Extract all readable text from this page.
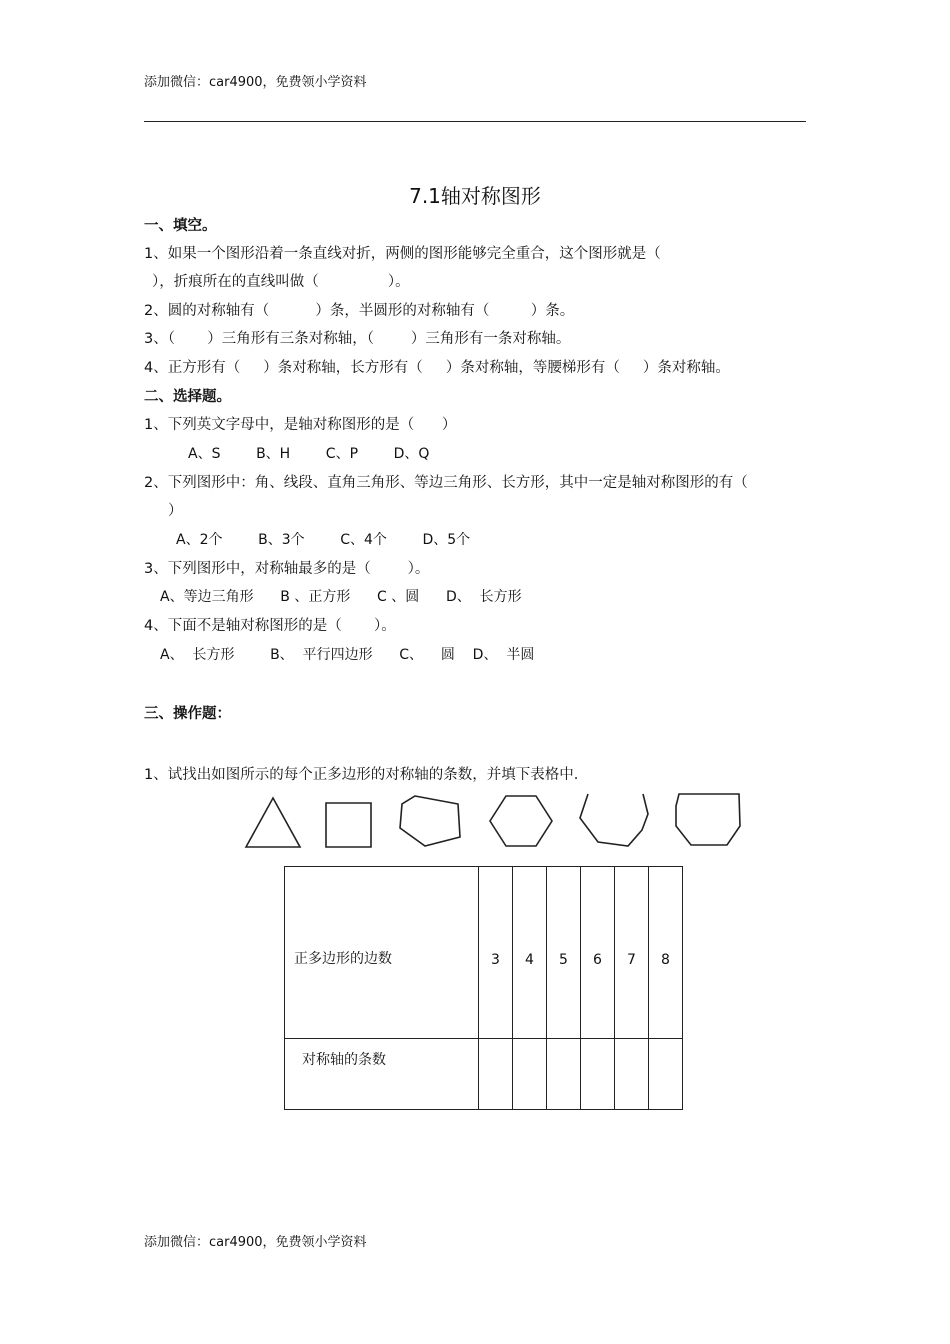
添加微信：car4900，免费领小学资料
7.1轴对称图形
一、填空。
1、如果一个图形沿着一条直线对折，两侧的图形能够完全重合，这个图形就是（
），折痕所在的直线叫做（               ）。
2、圆的对称轴有（          ）条，半圆形的对称轴有（         ）条。
3、（       ）三角形有三条对称轴，（        ）三角形有一条对称轴。
4、正方形有（     ）条对称轴，长方形有（     ）条对称轴，等腰梯形有（     ）条对称轴。
二、选择题。
1、下列英文字母中，是轴对称图形的是（      ）
A、S        B、H        C、P        D、Q
2、下列图形中：角、线段、直角三角形、等边三角形、长方形，其中一定是轴对称图形的有（
）
A、2个        B、3个        C、4个        D、5个
3、下列图形中，对称轴最多的是（        ）。
A、等边三角形      B 、正方形      C 、圆      D、  长方形
4、下面不是轴对称图形的是（       ）。
A、  长方形        B、  平行四边形      C、    圆    D、  半圆
三、操作题：
1、试找出如图所示的每个正多边形的对称轴的条数，并填下表格中.
正多边形的边数	3	4	5	6	7	8
对称轴的条数						
添加微信：car4900，免费领小学资料
